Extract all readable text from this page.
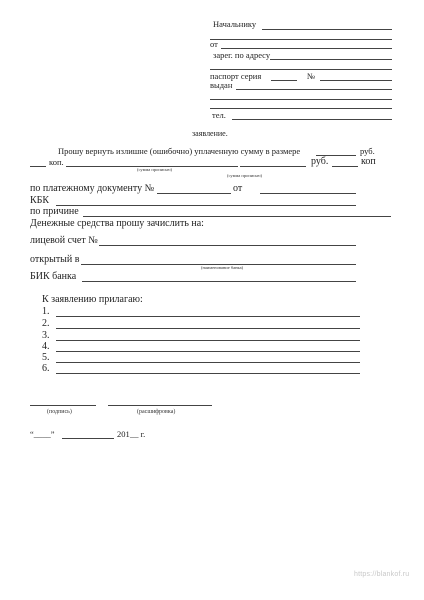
Начальнику
от
зарег. по адресу
паспорт серия	№
выдан
тел.
заявление.
Прошу вернуть излишне (ошибочно) уплаченную сумму в размере	руб.
коп.
(сумма прописью)
руб.	коп
(сумма прописью)
по платежному документу №	от
КБК
по причине
Денежные средства прошу зачислить на:
лицевой счет №
открытый в
(наименование банка)
БИК банка
К заявлению прилагаю:
1.
2.
3.
4.
5.
6.
(подпись)	(расшифровка)
“____”	201 __ г.
https://blankof.ru
